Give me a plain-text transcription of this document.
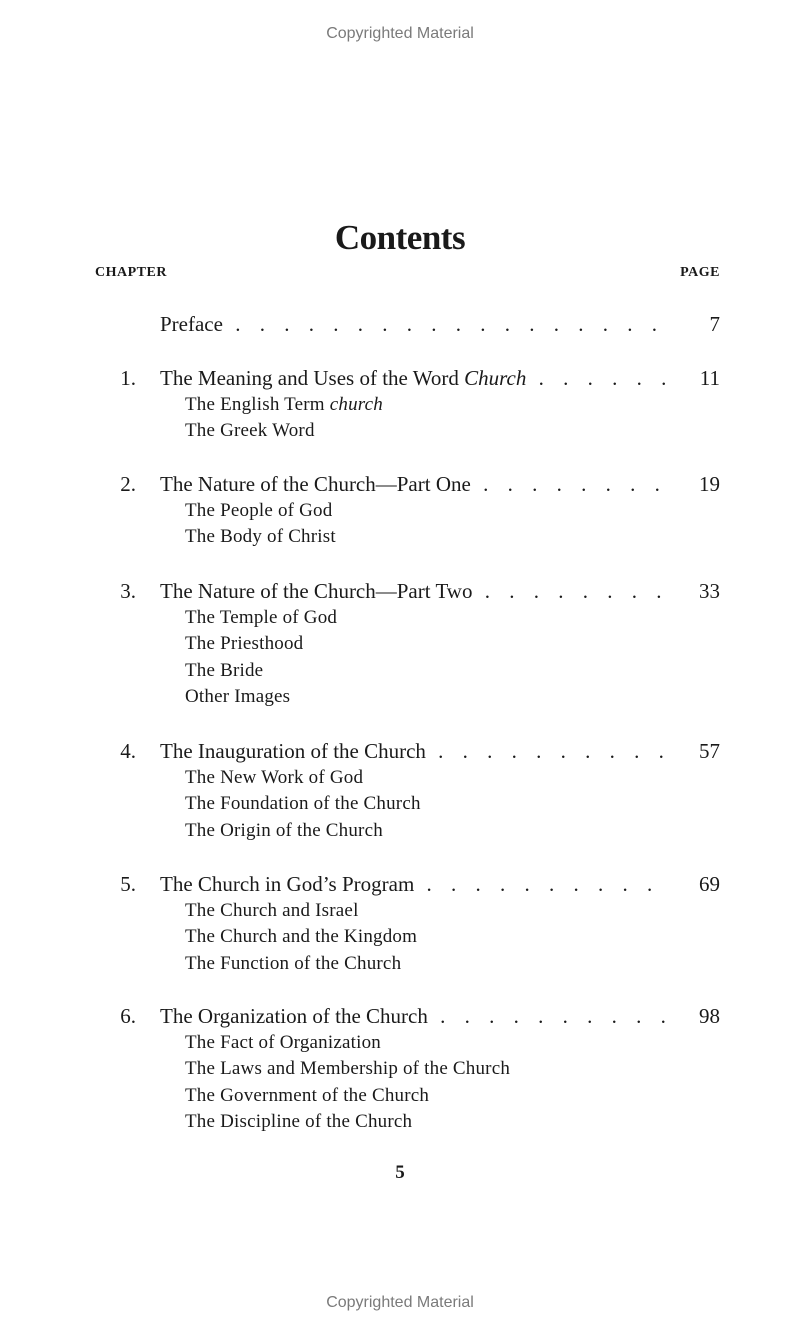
Copyrighted Material
Contents
CHAPTER	PAGE
Preface . . .	7
1. The Meaning and Uses of the Word Church . . .	11
The English Term church
The Greek Word
2. The Nature of the Church—Part One . . .	19
The People of God
The Body of Christ
3. The Nature of the Church—Part Two . . .	33
The Temple of God
The Priesthood
The Bride
Other Images
4. The Inauguration of the Church . . .	57
The New Work of God
The Foundation of the Church
The Origin of the Church
5. The Church in God’s Program . . .	69
The Church and Israel
The Church and the Kingdom
The Function of the Church
6. The Organization of the Church . . .	98
The Fact of Organization
The Laws and Membership of the Church
The Government of the Church
The Discipline of the Church
5
Copyrighted Material
